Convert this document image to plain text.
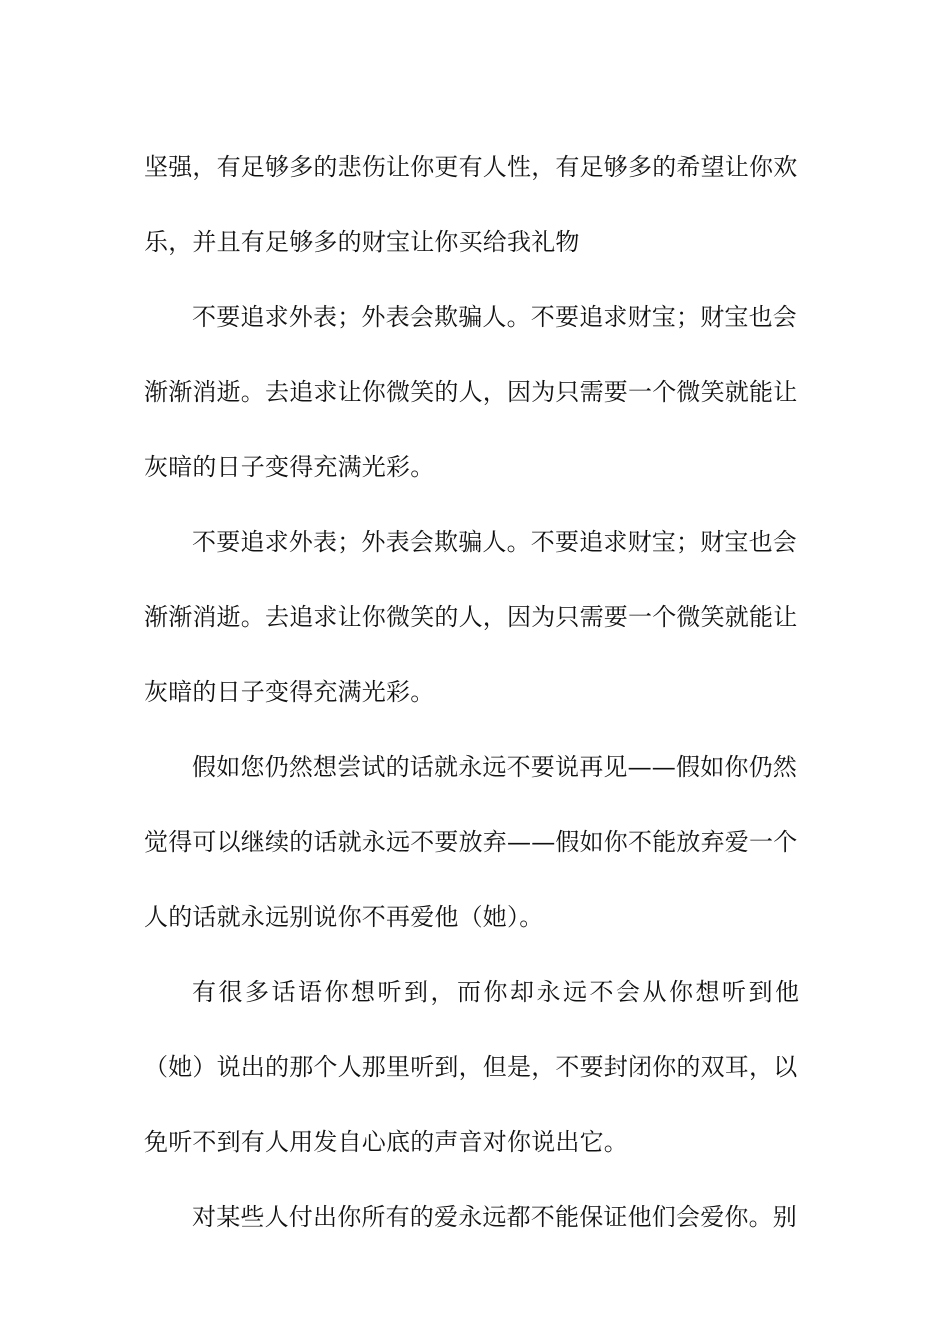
坚强，有足够多的悲伤让你更有人性，有足够多的希望让你欢
乐，并且有足够多的财宝让你买给我礼物
不要追求外表；外表会欺骗人。不要追求财宝；财宝也会
渐渐消逝。去追求让你微笑的人，因为只需要一个微笑就能让
灰暗的日子变得充满光彩。
不要追求外表；外表会欺骗人。不要追求财宝；财宝也会
渐渐消逝。去追求让你微笑的人，因为只需要一个微笑就能让
灰暗的日子变得充满光彩。
假如您仍然想尝试的话就永远不要说再见——假如你仍然
觉得可以继续的话就永远不要放弃——假如你不能放弃爱一个
人的话就永远别说你不再爱他（她）。
有很多话语你想听到，而你却永远不会从你想听到他
（她）说出的那个人那里听到，但是，不要封闭你的双耳，以
免听不到有人用发自心底的声音对你说出它。
对某些人付出你所有的爱永远都不能保证他们会爱你。别
